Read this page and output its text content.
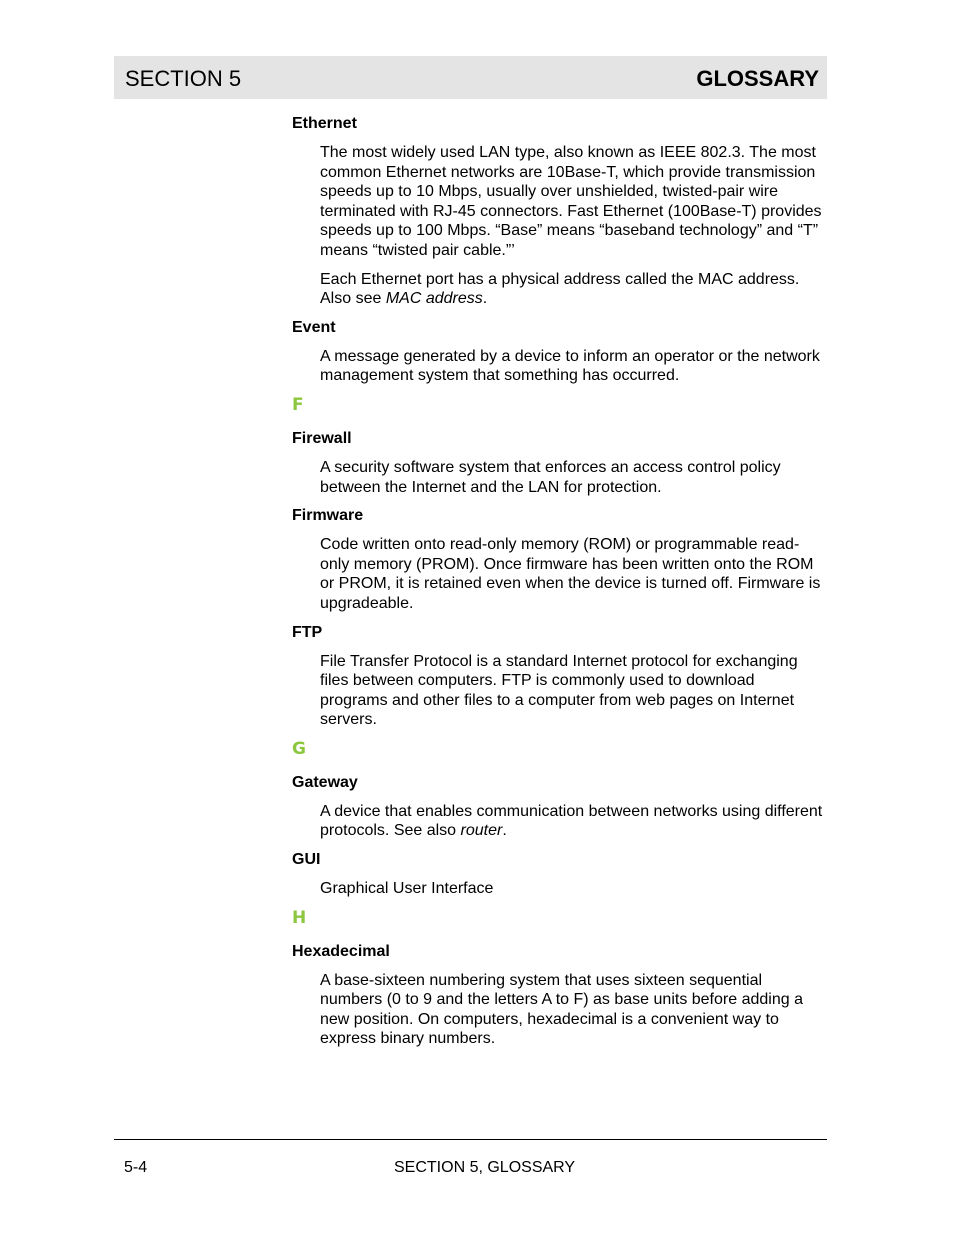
SECTION 5	GLOSSARY
Ethernet
The most widely used LAN type, also known as IEEE 802.3. The most common Ethernet networks are 10Base-T, which provide transmission speeds up to 10 Mbps, usually over unshielded, twisted-pair wire terminated with RJ-45 connectors. Fast Ethernet (100Base-T) provides speeds up to 100 Mbps. “Base” means “baseband technology” and “T” means “twisted pair cable.”’
Each Ethernet port has a physical address called the MAC address. Also see MAC address.
Event
A message generated by a device to inform an operator or the network management system that something has occurred.
F
Firewall
A security software system that enforces an access control policy between the Internet and the LAN for protection.
Firmware
Code written onto read-only memory (ROM) or programmable read-only memory (PROM). Once firmware has been written onto the ROM or PROM, it is retained even when the device is turned off. Firmware is upgradeable.
FTP
File Transfer Protocol is a standard Internet protocol for exchanging files between computers. FTP is commonly used to download programs and other files to a computer from web pages on Internet servers.
G
Gateway
A device that enables communication between networks using different protocols. See also router.
GUI
Graphical User Interface
H
Hexadecimal
A base-sixteen numbering system that uses sixteen sequential numbers (0 to 9 and the letters A to F) as base units before adding a new position. On computers, hexadecimal is a convenient way to express binary numbers.
5-4	SECTION 5, GLOSSARY
